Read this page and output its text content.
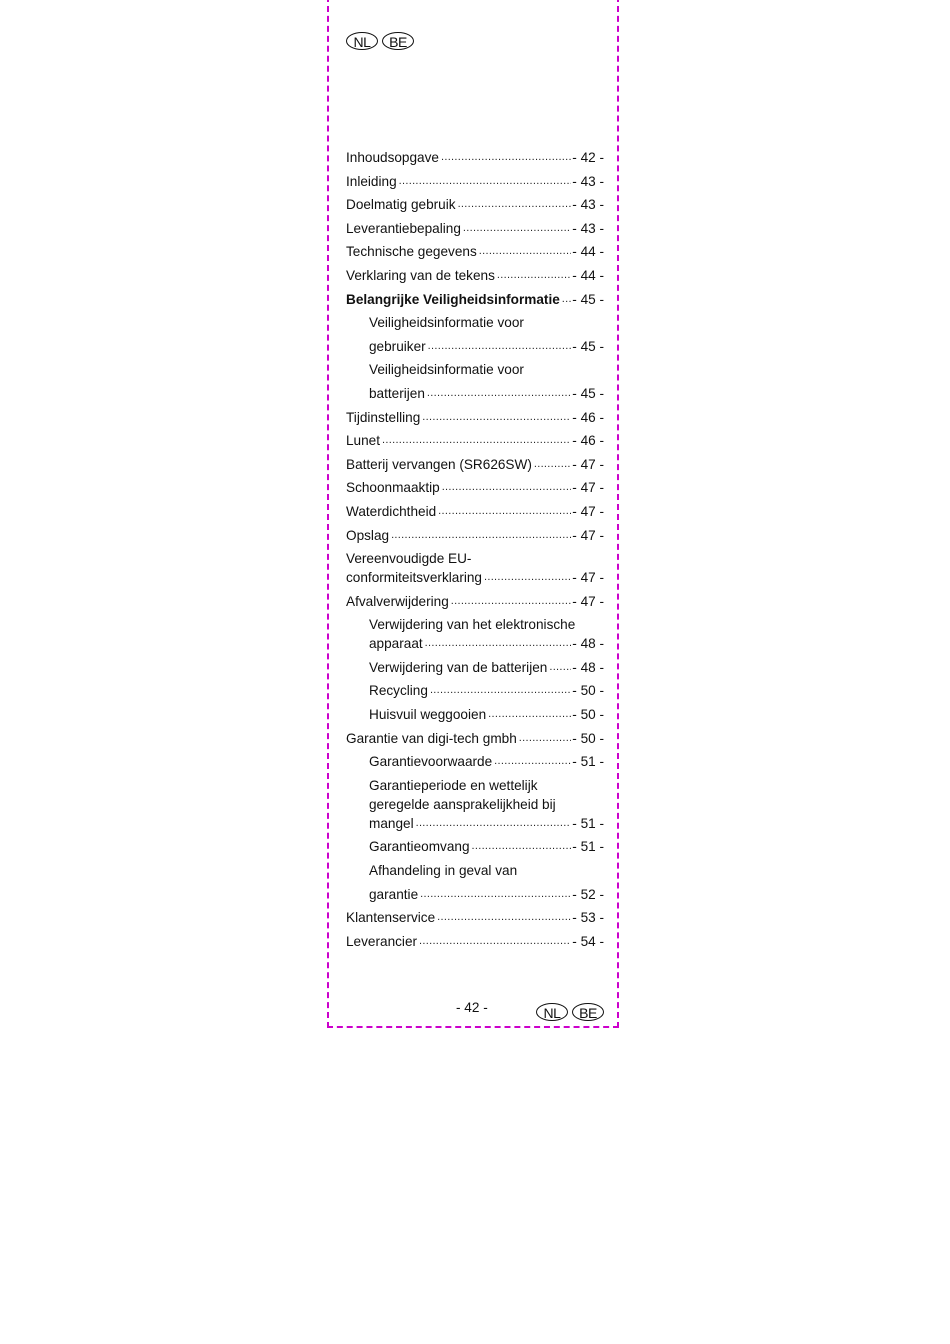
NL	BE
Inhoudsopgave .....	- 42 -
Inleiding .....	- 43 -
Doelmatig gebruik .....	- 43 -
Leverantiebepaling .....	- 43 -
Technische gegevens .....	- 44 -
Verklaring van de tekens .....	- 44 -
Belangrijke Veiligheidsinformatie ..... - 45 -
Veiligheidsinformatie voor
gebruiker .....	- 45 -
Veiligheidsinformatie voor
batterijen .....	- 45 -
Tijdinstelling .....	- 46 -
Lunet .....	- 46 -
Batterij vervangen (SR626SW) .....	- 47 -
Schoonmaaktip .....	- 47 -
Waterdichtheid .....	- 47 -
Opslag .....	- 47 -
Vereenvoudigde EU-
conformiteitsverklaring .....	- 47 -
Afvalverwijdering .....	- 47 -
Verwijdering van het elektronische
apparaat .....	- 48 -
Verwijdering van de batterijen ..... - 48 -
Recycling .....	- 50 -
Huisvuil weggooien .....	- 50 -
Garantie van digi-tech gmbh .....	- 50 -
Garantievoorwaarde .....	- 51 -
Garantieperiode en wettelijk
geregelde aansprakelijkheid bij
mangel .....	- 51 -
Garantieomvang .....	- 51 -
Afhandeling in geval van
garantie .....	- 52 -
Klantenservice .....	- 53 -
Leverancier .....	- 54 -
- 42 -	NL	BE
